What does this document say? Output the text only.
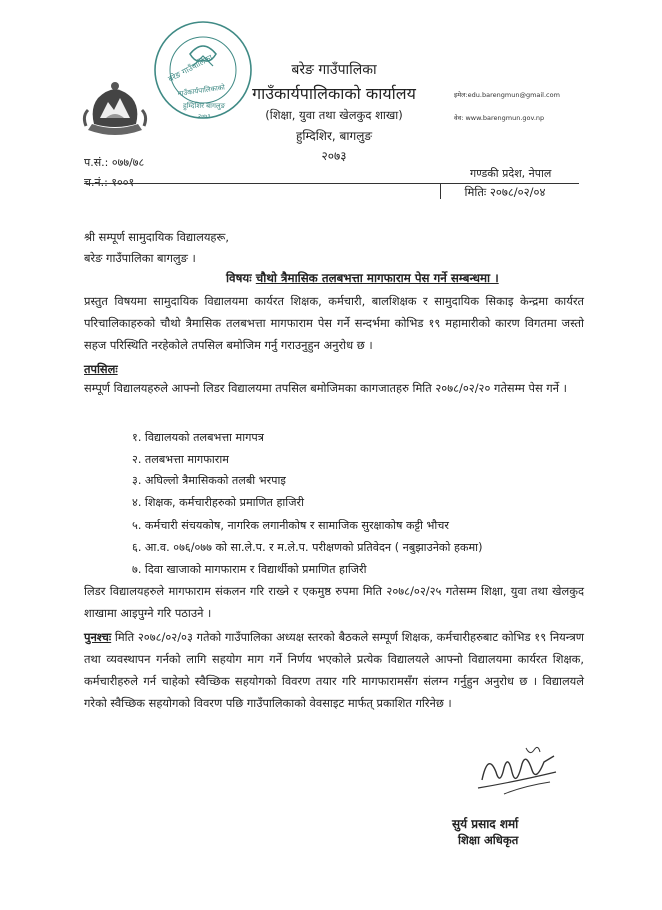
बरेङ गाउँपालिका
गाउँकार्यपालिकाको
हुम्दिशिर बागलुङ
२०७३
बरेङ गाउँपालिका
गाउँकार्यपालिकाको कार्यालय
(शिक्षा, युवा तथा खेलकुद शाखा)
हुम्दिशिर, बागलुङ
२०७३
इमेल:edu.barengmun@gmail.com
वेव: www.barengmun.gov.np
प.सं.: ०७७/७८
च.नं.: १००१
गण्डकी प्रदेश, नेपाल
मितिः २०७८/०२/०४
श्री सम्पूर्ण सामुदायिक विद्यालयहरू,
बरेङ गाउँपालिका बागलुङ ।
विषयः चौथो त्रैमासिक तलबभत्ता मागफाराम पेस गर्ने सम्बन्धमा ।
प्रस्तुत विषयमा सामुदायिक विद्यालयमा कार्यरत शिक्षक, कर्मचारी, बालशिक्षक र सामुदायिक सिकाइ केन्द्रमा कार्यरत परिचालिकाहरुको चौथो त्रैमासिक तलबभत्ता मागफाराम पेस गर्ने सन्दर्भमा कोभिड १९ महामारीको कारण विगतमा जस्तो सहज परिस्थिति नरहेकोले तपसिल बमोजिम गर्नु गराउनुहुन अनुरोध छ ।
तपसिलः
सम्पूर्ण विद्यालयहरुले आफ्नो लिडर विद्यालयमा तपसिल बमोजिमका कागजातहरु मिति २०७८/०२/२० गतेसम्म पेस गर्ने ।
१. विद्यालयको तलबभत्ता मागपत्र
२. तलबभत्ता मागफाराम
३. अघिल्लो त्रैमासिकको तलबी भरपाइ
४. शिक्षक, कर्मचारीहरुको प्रमाणित हाजिरी
५. कर्मचारी संचयकोष, नागरिक लगानीकोष र सामाजिक सुरक्षाकोष कट्टी भौचर
६. आ.व. ०७६/०७७ को सा.ले.प. र म.ले.प. परीक्षणको प्रतिवेदन ( नबुझाउनेको हकमा)
७. दिवा खाजाको मागफाराम र विद्यार्थीको प्रमाणित हाजिरी
लिडर विद्यालयहरुले मागफाराम संकलन गरि राख्ने र एकमुष्ठ रुपमा मिति २०७८/०२/२५ गतेसम्म शिक्षा, युवा तथा खेलकुद शाखामा आइपुग्ने गरि पठाउने ।
पुनश्चः मिति २०७८/०२/०३ गतेको गाउँपालिका अध्यक्ष स्तरको बैठकले सम्पूर्ण शिक्षक, कर्मचारीहरुबाट कोभिड १९ नियन्त्रण तथा व्यवस्थापन गर्नको लागि सहयोग माग गर्ने निर्णय भएकोले प्रत्येक विद्यालयले आफ्नो विद्यालयमा कार्यरत शिक्षक, कर्मचारीहरुले गर्न चाहेको स्वैच्छिक सहयोगको विवरण तयार गरि मागफारामसँग संलग्न गर्नुहुन अनुरोध छ । विद्यालयले गरेको स्वैच्छिक सहयोगको विवरण पछि गाउँपालिकाको वेवसाइट मार्फत् प्रकाशित गरिनेछ ।
सुर्य प्रसाद शर्मा
शिक्षा अधिकृत
